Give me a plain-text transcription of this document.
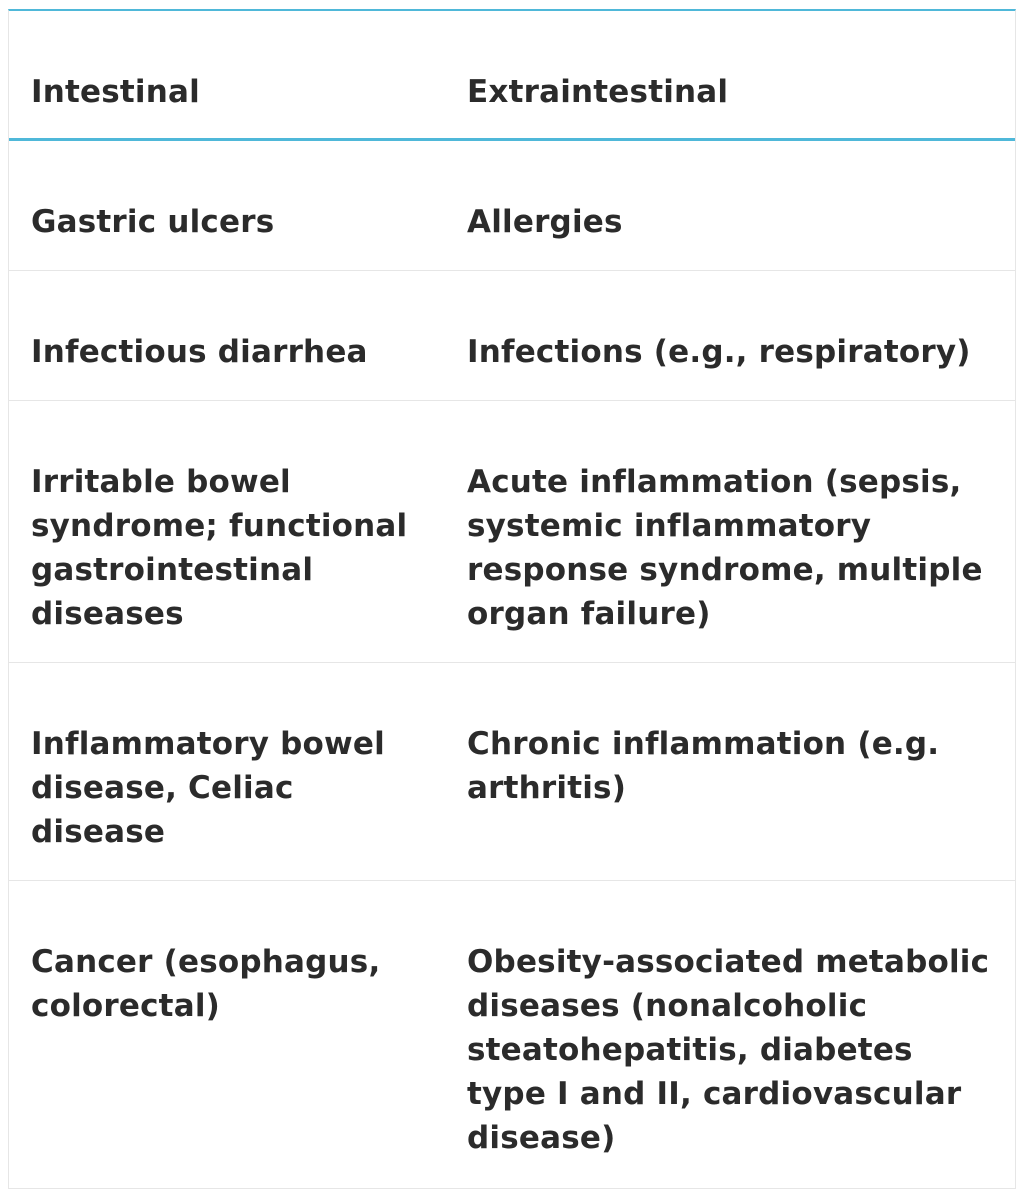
Intestinal	Extraintestinal
Gastric ulcers	Allergies
Infectious diarrhea	Infections (e.g., respiratory)
Irritable bowel syndrome; functional gastrointestinal diseases	Acute inflammation (sepsis, systemic inflammatory response syndrome, multiple organ failure)
Inflammatory bowel disease, Celiac disease	Chronic inflammation (e.g. arthritis)
Cancer (esophagus, colorectal)	Obesity-associated metabolic diseases (nonalcoholic steatohepatitis, diabetes type I and II, cardiovascular disease)
